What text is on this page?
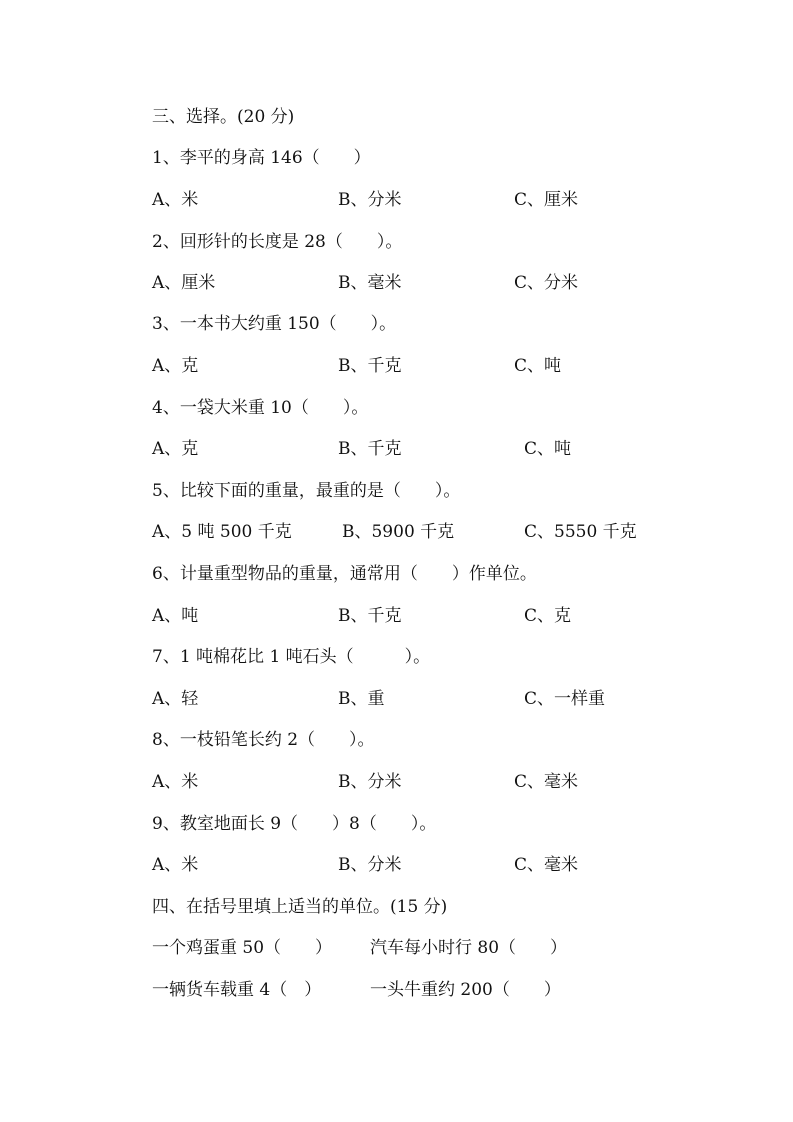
三、选择。(20 分)
1、李平的身高 146（　　）
A、米	B、分米	C、厘米
2、回形针的长度是 28（　　）。
A、厘米	B、毫米	C、分米
3、一本书大约重 150（　　）。
A、克	B、千克	C、吨
4、一袋大米重 10（　　）。
A、克	B、千克	C、吨
5、比较下面的重量，最重的是（　　）。
A、5 吨 500 千克	B、5900 千克	C、5550 千克
6、计量重型物品的重量，通常用（　　）作单位。
A、吨	B、千克	C、克
7、1 吨棉花比 1 吨石头（　　　）。
A、轻	B、重	C、一样重
8、一枝铅笔长约 2（　　）。
A、米	B、分米	C、毫米
9、教室地面长 9（　　）8（　　）。
A、米	B、分米	C、毫米
四、在括号里填上适当的单位。(15 分)
一个鸡蛋重 50（　　） 汽车每小时行 80（　　）
一辆货车载重 4（　）	一头牛重约 200（　　）
